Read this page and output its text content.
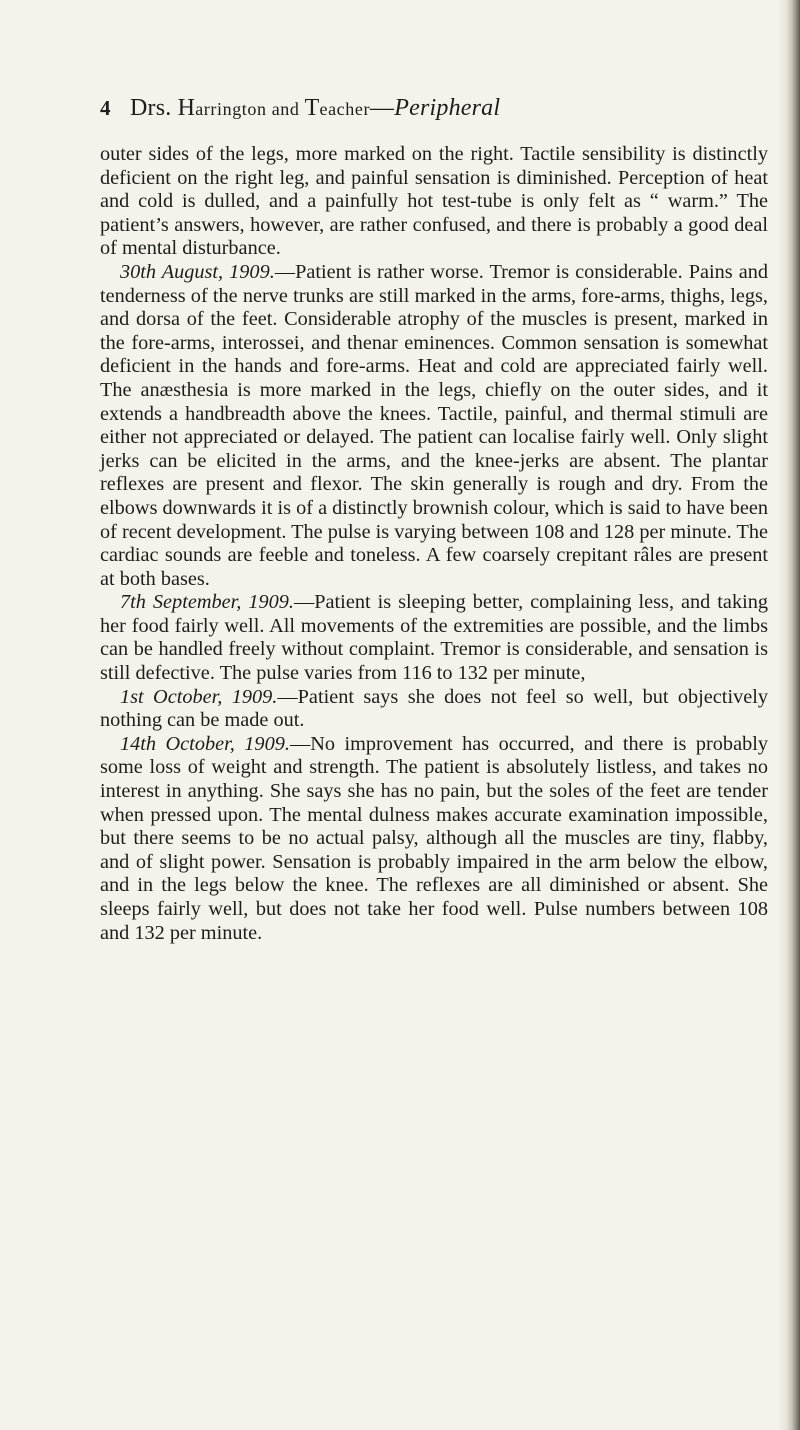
4 Drs. Harrington and Teacher—Peripheral

outer sides of the legs, more marked on the right. Tactile sensibility is distinctly deficient on the right leg, and painful sensation is diminished. Perception of heat and cold is dulled, and a painfully hot test-tube is only felt as “ warm.” The patient’s answers, however, are rather confused, and there is probably a good deal of mental disturbance.

30th August, 1909.—Patient is rather worse. Tremor is considerable. Pains and tenderness of the nerve trunks are still marked in the arms, fore-arms, thighs, legs, and dorsa of the feet. Considerable atrophy of the muscles is present, marked in the fore-arms, interossei, and thenar eminences. Common sensation is somewhat deficient in the hands and fore-arms. Heat and cold are appreciated fairly well. The anæsthesia is more marked in the legs, chiefly on the outer sides, and it extends a handbreadth above the knees. Tactile, painful, and thermal stimuli are either not appreciated or delayed. The patient can localise fairly well. Only slight jerks can be elicited in the arms, and the knee-jerks are absent. The plantar reflexes are present and flexor. The skin generally is rough and dry. From the elbows downwards it is of a distinctly brownish colour, which is said to have been of recent development. The pulse is varying between 108 and 128 per minute. The cardiac sounds are feeble and toneless. A few coarsely crepitant râles are present at both bases.

7th September, 1909.—Patient is sleeping better, complaining less, and taking her food fairly well. All movements of the extremities are possible, and the limbs can be handled freely without complaint. Tremor is considerable, and sensation is still defective. The pulse varies from 116 to 132 per minute,

1st October, 1909.—Patient says she does not feel so well, but objectively nothing can be made out.

14th October, 1909.—No improvement has occurred, and there is probably some loss of weight and strength. The patient is absolutely listless, and takes no interest in anything. She says she has no pain, but the soles of the feet are tender when pressed upon. The mental dulness makes accurate examination impossible, but there seems to be no actual palsy, although all the muscles are tiny, flabby, and of slight power. Sensation is probably impaired in the arm below the elbow, and in the legs below the knee. The reflexes are all diminished or absent. She sleeps fairly well, but does not take her food well. Pulse numbers between 108 and 132 per minute.
